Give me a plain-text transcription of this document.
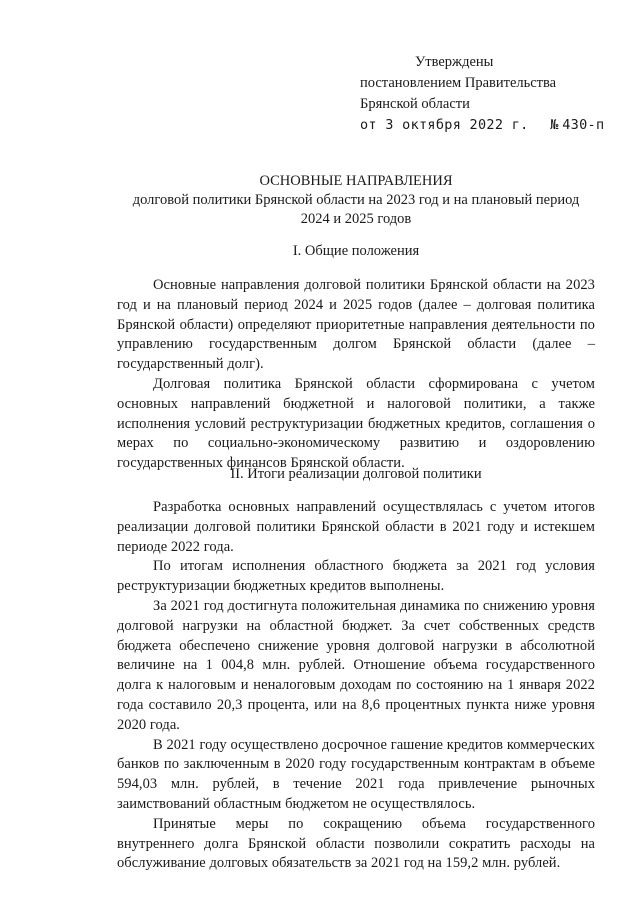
Утверждены
постановлением Правительства
Брянской области
от 3 октября 2022 г. № 430-п
ОСНОВНЫЕ НАПРАВЛЕНИЯ
долговой политики Брянской области на 2023 год и на плановый период
2024 и 2025 годов
I. Общие положения

Основные направления долговой политики Брянской области на 2023 год и на плановый период 2024 и 2025 годов (далее – долговая политика Брянской области) определяют приоритетные направления деятельности по управлению государственным долгом Брянской области (далее – государственный долг).

Долговая политика Брянской области сформирована с учетом основных направлений бюджетной и налоговой политики, а также исполнения условий реструктуризации бюджетных кредитов, соглашения о мерах по социально-экономическому развитию и оздоровлению государственных финансов Брянской области.

II. Итоги реализации долговой политики

Разработка основных направлений осуществлялась с учетом итогов реализации долговой политики Брянской области в 2021 году и истекшем периоде 2022 года.

По итогам исполнения областного бюджета за 2021 год условия реструктуризации бюджетных кредитов выполнены.

За 2021 год достигнута положительная динамика по снижению уровня долговой нагрузки на областной бюджет. За счет собственных средств бюджета обеспечено снижение уровня долговой нагрузки в абсолютной величине на 1 004,8 млн. рублей. Отношение объема государственного долга к налоговым и неналоговым доходам по состоянию на 1 января 2022 года составило 20,3 процента, или на 8,6 процентных пункта ниже уровня 2020 года.

В 2021 году осуществлено досрочное гашение кредитов коммерческих банков по заключенным в 2020 году государственным контрактам в объеме 594,03 млн. рублей, в течение 2021 года привлечение рыночных заимствований областным бюджетом не осуществлялось.

Принятые меры по сокращению объема государственного внутреннего долга Брянской области позволили сократить расходы на обслуживание долговых обязательств за 2021 год на 159,2 млн. рублей.
